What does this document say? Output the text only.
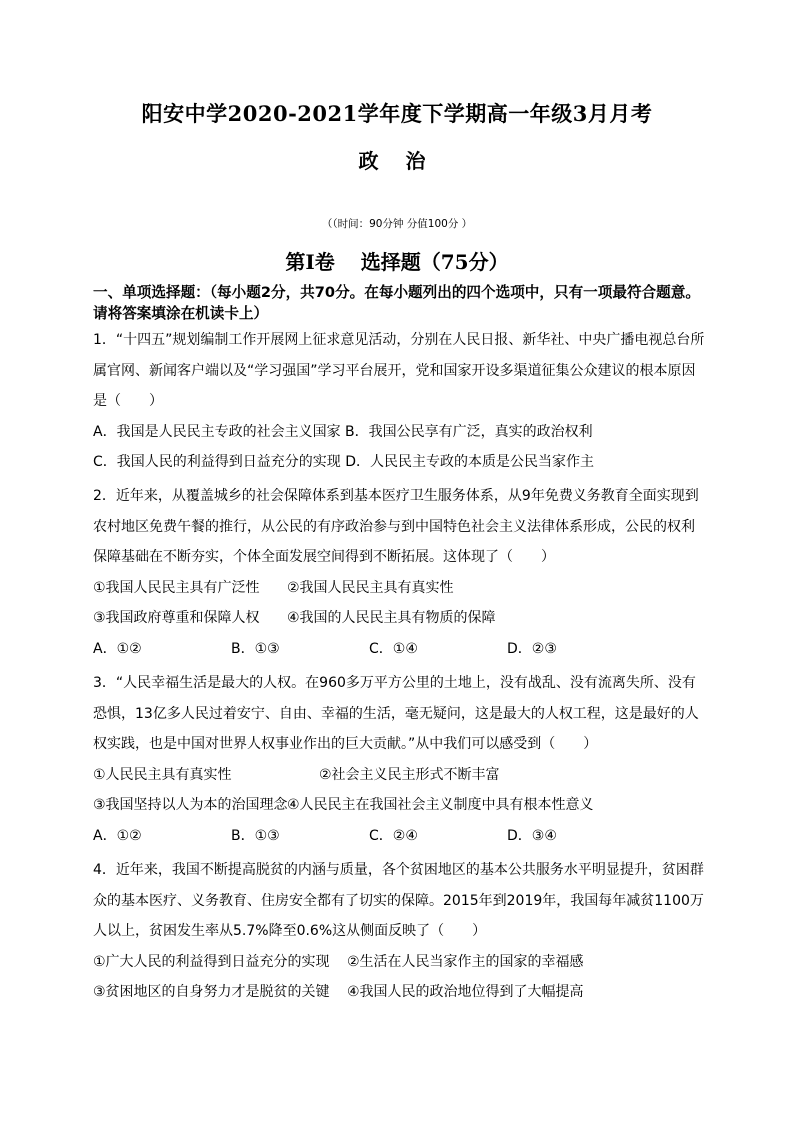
阳安中学2020-2021学年度下学期高一年级3月月考
政 治
（（时间：90分钟 分值100分 ）
第Ⅰ卷 选择题（75分）
一、单项选择题：（每小题2分，共70分。在每小题列出的四个选项中，只有一项最符合题意。请将答案填涂在机读卡上）

1．“十四五”规划编制工作开展网上征求意见活动，分别在人民日报、新华社、中央广播电视总台所

属官网、新闻客户端以及“学习强国”学习平台展开，党和国家开设多渠道征集公众建议的根本原因

是（　　）

A．我国是人民民主专政的社会主义国家 B．我国公民享有广泛，真实的政治权利

C．我国人民的利益得到日益充分的实现 D．人民民主专政的本质是公民当家作主

2．近年来，从覆盖城乡的社会保障体系到基本医疗卫生服务体系，从9年免费义务教育全面实现到

农村地区免费午餐的推行，从公民的有序政治参与到中国特色社会主义法律体系形成，公民的权利

保障基础在不断夯实，个体全面发展空间得到不断拓展。这体现了（　　）

①我国人民民主具有广泛性	②我国人民民主具有真实性

③我国政府尊重和保障人权	④我国的人民民主具有物质的保障

A．①②	B．①③	C．①④	D．②③

3．“人民幸福生活是最大的人权。在960多万平方公里的土地上，没有战乱、没有流离失所、没有

恐惧，13亿多人民过着安宁、自由、幸福的生活，毫无疑问，这是最大的人权工程，这是最好的人

权实践，也是中国对世界人权事业作出的巨大贡献。”从中我们可以感受到（　　）

①人民民主具有真实性	②社会主义民主形式不断丰富

③我国坚持以人为本的治国理念 ④人民民主在我国社会主义制度中具有根本性意义

A．①②	B．①③	C．②④	D．③④

4．近年来，我国不断提高脱贫的内涵与质量，各个贫困地区的基本公共服务水平明显提升，贫困群

众的基本医疗、义务教育、住房安全都有了切实的保障。2015年到2019年，我国每年减贫1100万

人以上，贫困发生率从5.7%降至0.6%这从侧面反映了（　　）

①广大人民的利益得到日益充分的实现	②生活在人民当家作主的国家的幸福感

③贫困地区的自身努力才是脱贫的关键	④我国人民的政治地位得到了大幅提高
